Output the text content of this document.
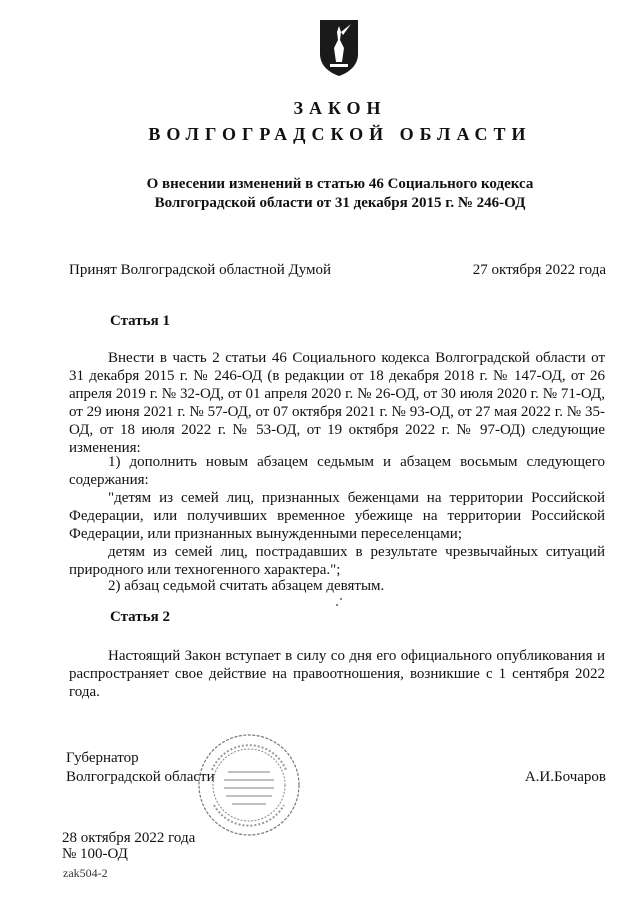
ЗАКОН
ВОЛГОГРАДСКОЙ ОБЛАСТИ
О внесении изменений в статью 46 Социального кодекса Волгоградской области от 31 декабря 2015 г. № 246-ОД
Принят Волгоградской областной Думой	27 октября 2022 года
Статья 1
Внести в часть 2 статьи 46 Социального кодекса Волгоградской области от 31 декабря 2015 г. № 246-ОД (в редакции от 18 декабря 2018 г. № 147-ОД, от 26 апреля 2019 г. № 32-ОД, от 01 апреля 2020 г. № 26-ОД, от 30 июля 2020 г. № 71-ОД, от 29 июня 2021 г. № 57-ОД, от 07 октября 2021 г. № 93-ОД, от 27 мая 2022 г. № 35-ОД, от 18 июля 2022 г. № 53-ОД, от 19 октября 2022 г. № 97-ОД) следующие изменения:
1) дополнить новым абзацем седьмым и абзацем восьмым следующего содержания:
"детям из семей лиц, признанных беженцами на территории Российской Федерации, или получивших временное убежище на территории Российской Федерации, или признанных вынужденными переселенцами;
детям из семей лиц, пострадавших в результате чрезвычайных ситуаций природного или техногенного характера.";
2) абзац седьмой считать абзацем девятым.
Статья 2
Настоящий Закон вступает в силу со дня его официального опубликования и распространяет свое действие на правоотношения, возникшие с 1 сентября 2022 года.
Губернатор
Волгоградской области	А.И.Бочаров
28 октября 2022 года
№ 100-ОД
zak504-2
